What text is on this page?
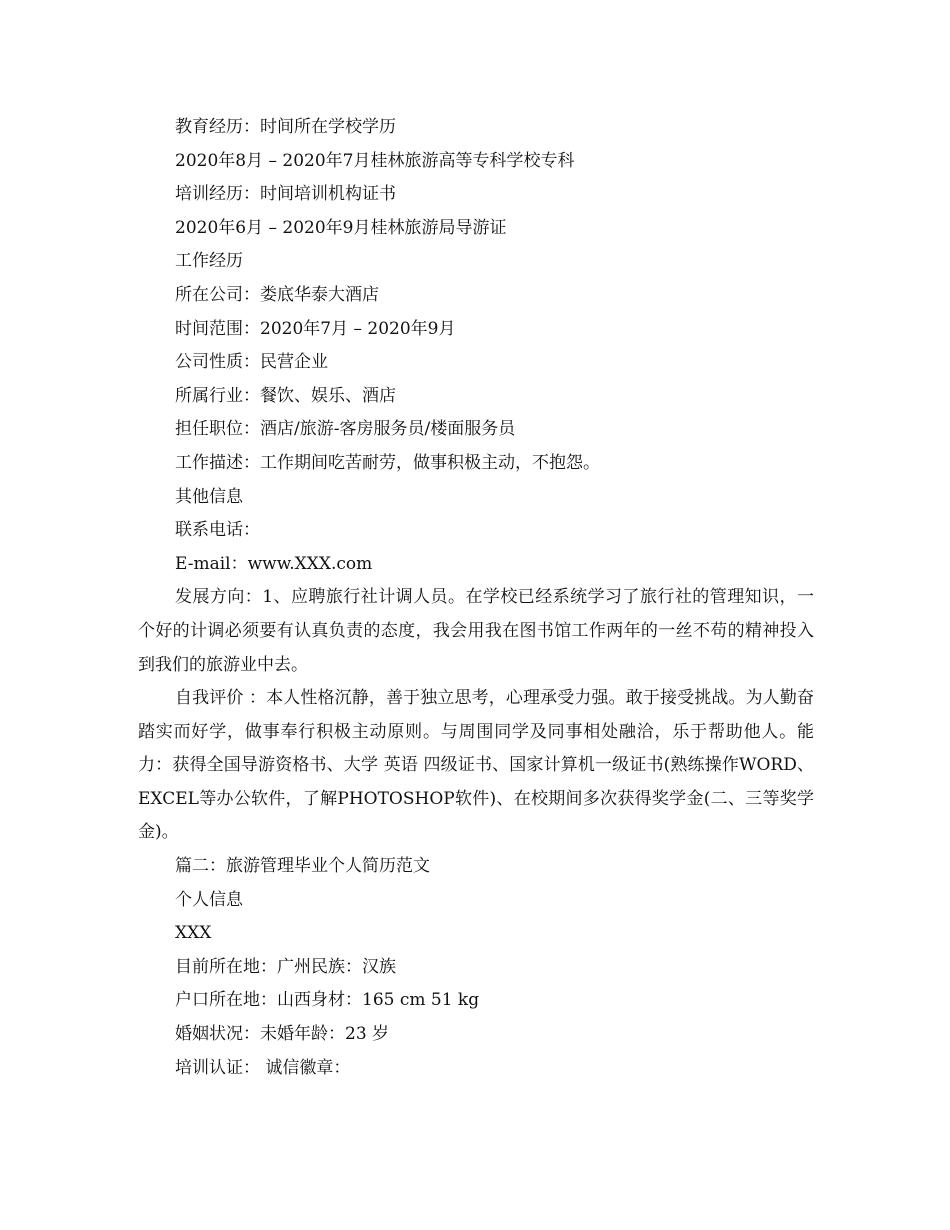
教育经历：时间所在学校学历

2020年8月 – 2020年7月桂林旅游高等专科学校专科

培训经历：时间培训机构证书

2020年6月 – 2020年9月桂林旅游局导游证

工作经历

所在公司：娄底华泰大酒店

时间范围：2020年7月 – 2020年9月

公司性质：民营企业

所属行业：餐饮、娱乐、酒店

担任职位：酒店/旅游-客房服务员/楼面服务员

工作描述：工作期间吃苦耐劳，做事积极主动，不抱怨。

其他信息

联系电话：

E-mail：www.XXX.com

发展方向：1、应聘旅行社计调人员。在学校已经系统学习了旅行社的管理知识，一个好的计调必须要有认真负责的态度，我会用我在图书馆工作两年的一丝不苟的精神投入到我们的旅游业中去。

自我评价 ：本人性格沉静，善于独立思考，心理承受力强。敢于接受挑战。为人勤奋踏实而好学，做事奉行积极主动原则。与周围同学及同事相处融洽，乐于帮助他人。能力：获得全国导游资格书、大学 英语 四级证书、国家计算机一级证书(熟练操作WORD、EXCEL等办公软件，了解PHOTOSHOP软件)、在校期间多次获得奖学金(二、三等奖学金)。

篇二：旅游管理毕业个人简历范文

个人信息

XXX

目前所在地：广州民族：汉族

户口所在地：山西身材：165 cm 51 kg

婚姻状况：未婚年龄：23 岁

培训认证： 诚信徽章：
